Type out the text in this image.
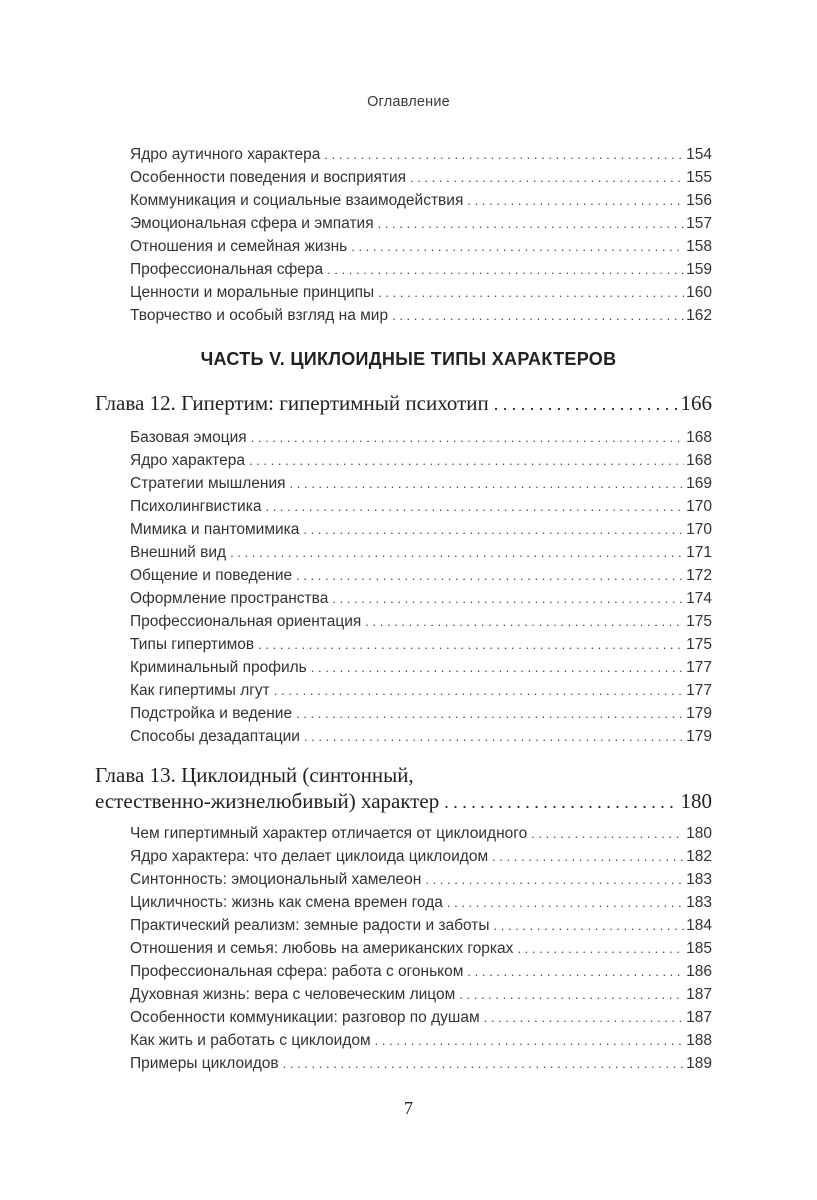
Оглавление
Ядро аутичного характера . . .	154
Особенности поведения и восприятия . . .	155
Коммуникация и социальные взаимодействия . . .	156
Эмоциональная сфера и эмпатия . . .	157
Отношения и семейная жизнь . . .	158
Профессиональная сфера . . .	159
Ценности и моральные принципы . . .	160
Творчество и особый взгляд на мир . . .	162
ЧАСТЬ V. ЦИКЛОИДНЫЕ ТИПЫ ХАРАКТЕРОВ
Глава 12. Гипертим: гипертимный психотип . . .	166
Базовая эмоция . . .	168
Ядро характера . . .	168
Стратегии мышления . . .	169
Психолингвистика . . .	170
Мимика и пантомимика . . .	170
Внешний вид . . .	171
Общение и поведение . . .	172
Оформление пространства . . .	174
Профессиональная ориентация . . .	175
Типы гипертимов . . .	175
Криминальный профиль . . .	177
Как гипертимы лгут . . .	177
Подстройка и ведение . . .	179
Способы дезадаптации . . .	179
Глава 13. Циклоидный (синтонный,
естественно-жизнелюбивый) характер . . .	180
Чем гипертимный характер отличается от циклоидного . . .	180
Ядро характера: что делает циклоида циклоидом . . .	182
Синтонность: эмоциональный хамелеон . . .	183
Цикличность: жизнь как смена времен года . . .	183
Практический реализм: земные радости и заботы . . .	184
Отношения и семья: любовь на американских горках . . .	185
Профессиональная сфера: работа с огоньком . . .	186
Духовная жизнь: вера с человеческим лицом . . .	187
Особенности коммуникации: разговор по душам . . .	187
Как жить и работать с циклоидом . . .	188
Примеры циклоидов . . .	189
7
